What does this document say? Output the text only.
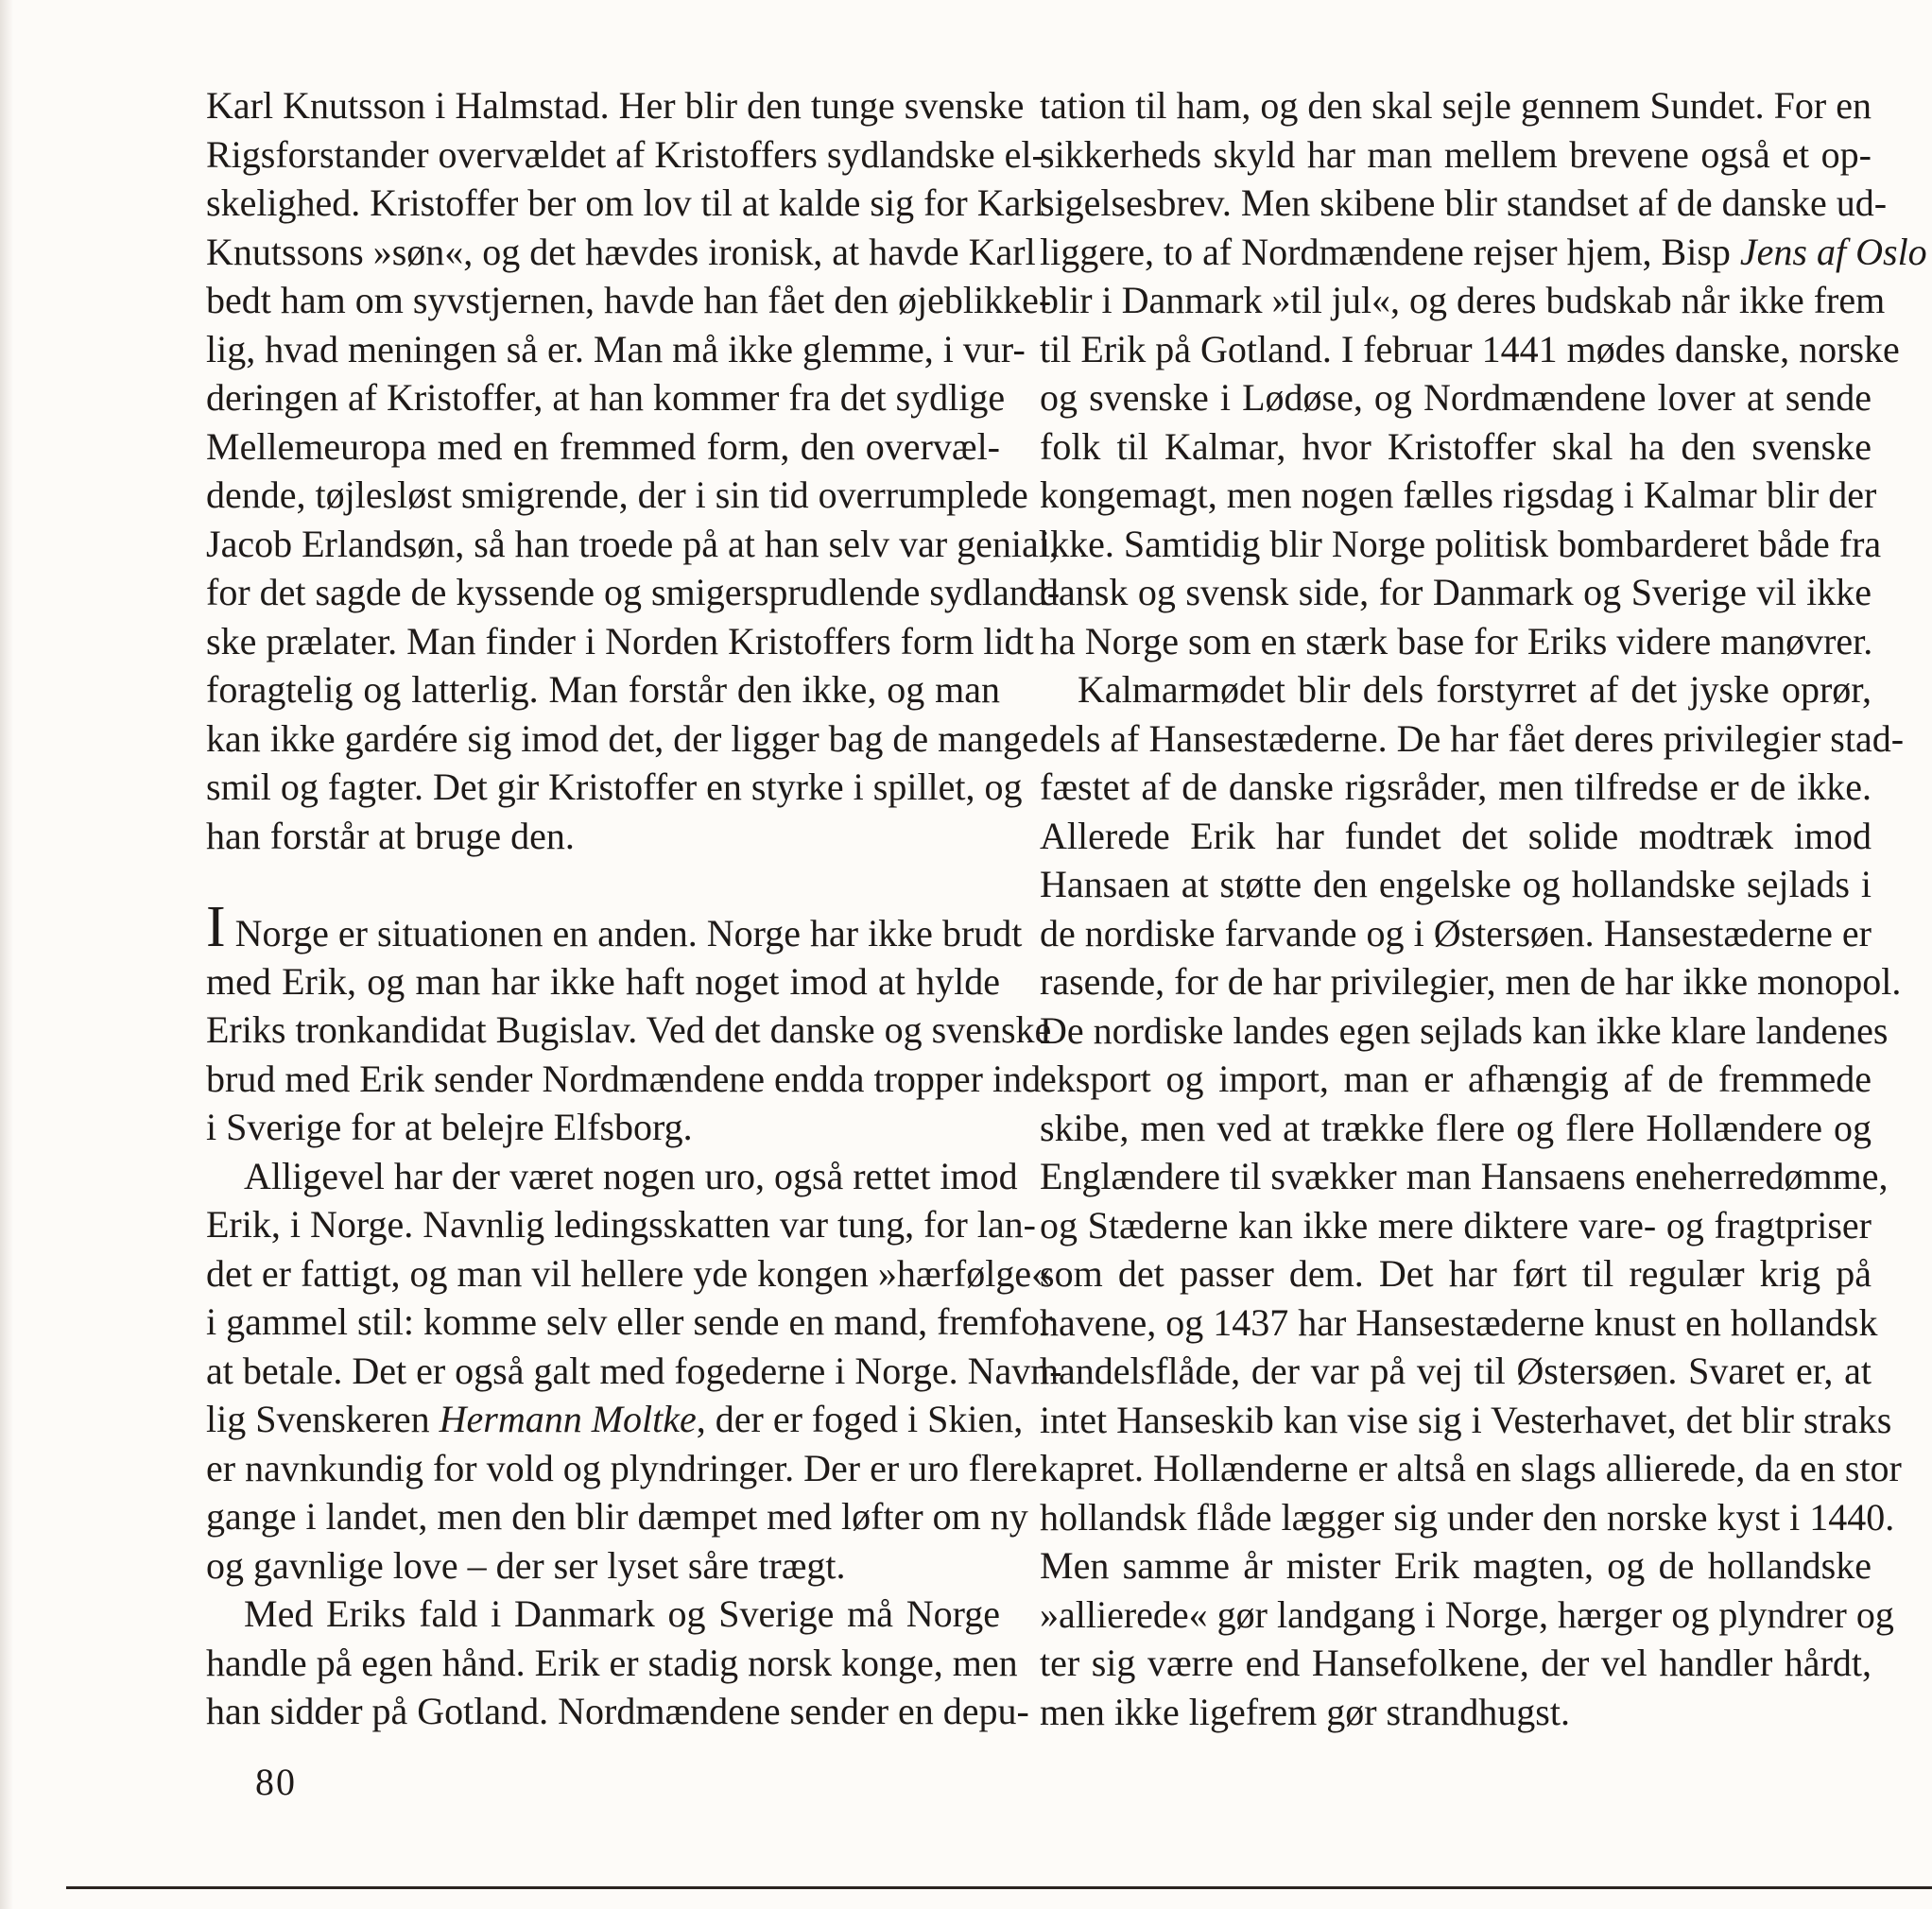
Karl Knutsson i Halmstad. Her blir den tunge svenske
Rigsforstander overvældet af Kristoffers sydlandske el-
skelighed. Kristoffer ber om lov til at kalde sig for Karl
Knutssons »søn«, og det hævdes ironisk, at havde Karl
bedt ham om syvstjernen, havde han fået den øjeblikke-
lig, hvad meningen så er. Man må ikke glemme, i vur-
deringen af Kristoffer, at han kommer fra det sydlige
Mellemeuropa med en fremmed form, den overvæl-
dende, tøjlesløst smigrende, der i sin tid overrumplede
Jacob Erlandsøn, så han troede på at han selv var genial,
for det sagde de kyssende og smigersprudlende sydland-
ske prælater. Man finder i Norden Kristoffers form lidt
foragtelig og latterlig. Man forstår den ikke, og man
kan ikke gardére sig imod det, der ligger bag de mange
smil og fagter. Det gir Kristoffer en styrke i spillet, og
han forstår at bruge den.
I Norge er situationen en anden. Norge har ikke brudt
med Erik, og man har ikke haft noget imod at hylde
Eriks tronkandidat Bugislav. Ved det danske og svenske
brud med Erik sender Nordmændene endda tropper ind
i Sverige for at belejre Elfsborg.
Alligevel har der været nogen uro, også rettet imod
Erik, i Norge. Navnlig ledingsskatten var tung, for lan-
det er fattigt, og man vil hellere yde kongen »hærfølge«
i gammel stil: komme selv eller sende en mand, fremfor
at betale. Det er også galt med fogederne i Norge. Navn-
lig Svenskeren Hermann Moltke, der er foged i Skien,
er navnkundig for vold og plyndringer. Der er uro flere
gange i landet, men den blir dæmpet med løfter om ny
og gavnlige love – der ser lyset såre trægt.
Med Eriks fald i Danmark og Sverige må Norge
handle på egen hånd. Erik er stadig norsk konge, men
han sidder på Gotland. Nordmændene sender en depu-
tation til ham, og den skal sejle gennem Sundet. For en
sikkerheds skyld har man mellem brevene også et op-
sigelsesbrev. Men skibene blir standset af de danske ud-
liggere, to af Nordmændene rejser hjem, Bisp Jens af Oslo
blir i Danmark »til jul«, og deres budskab når ikke frem
til Erik på Gotland. I februar 1441 mødes danske, norske
og svenske i Lødøse, og Nordmændene lover at sende
folk til Kalmar, hvor Kristoffer skal ha den svenske
kongemagt, men nogen fælles rigsdag i Kalmar blir der
ikke. Samtidig blir Norge politisk bombarderet både fra
dansk og svensk side, for Danmark og Sverige vil ikke
ha Norge som en stærk base for Eriks videre manøvrer.
Kalmarmødet blir dels forstyrret af det jyske oprør,
dels af Hansestæderne. De har fået deres privilegier stad-
fæstet af de danske rigsråder, men tilfredse er de ikke.
Allerede Erik har fundet det solide modtræk imod
Hansaen at støtte den engelske og hollandske sejlads i
de nordiske farvande og i Østersøen. Hansestæderne er
rasende, for de har privilegier, men de har ikke monopol.
De nordiske landes egen sejlads kan ikke klare landenes
eksport og import, man er afhængig af de fremmede
skibe, men ved at trække flere og flere Hollændere og
Englændere til svækker man Hansaens eneherredømme,
og Stæderne kan ikke mere diktere vare- og fragtpriser
som det passer dem. Det har ført til regulær krig på
havene, og 1437 har Hansestæderne knust en hollandsk
handelsflåde, der var på vej til Østersøen. Svaret er, at
intet Hanseskib kan vise sig i Vesterhavet, det blir straks
kapret. Hollænderne er altså en slags allierede, da en stor
hollandsk flåde lægger sig under den norske kyst i 1440.
Men samme år mister Erik magten, og de hollandske
»allierede« gør landgang i Norge, hærger og plyndrer og
ter sig værre end Hansefolkene, der vel handler hårdt,
men ikke ligefrem gør strandhugst.
80
